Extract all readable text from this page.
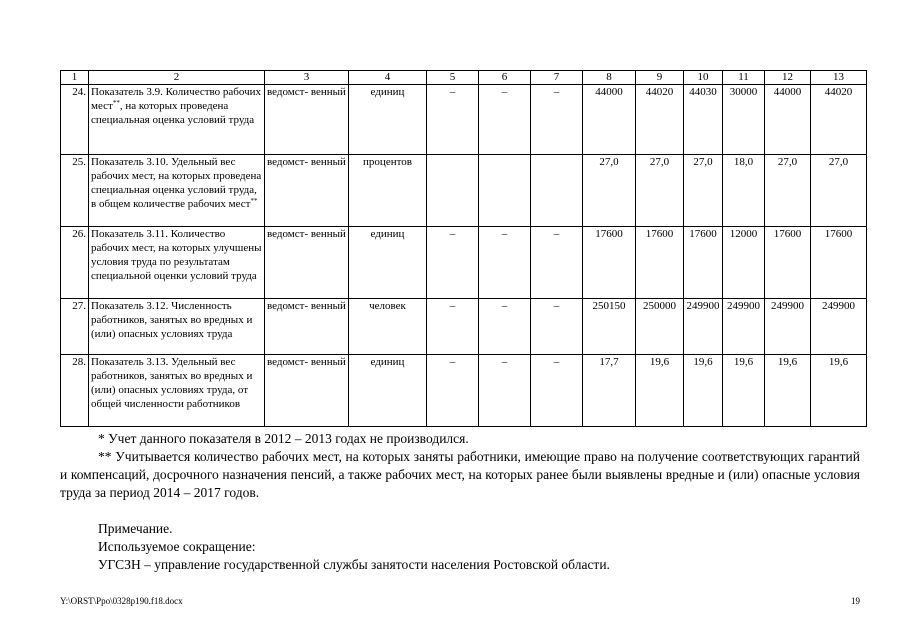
1	2	3	4	5	6	7	8	9	10	11	12	13
24.	Показатель 3.9. Количество рабочих мест**, на которых проведена специальная оценка условий труда	ведомст- венный	единиц	–	–	–	44000	44020	44030	30000	44000	44020
25.	Показатель 3.10. Удельный вес рабочих мест, на которых проведена специальная оценка условий труда, в общем количестве рабочих мест**	ведомст- венный	процентов				27,0	27,0	27,0	18,0	27,0	27,0
26.	Показатель 3.11. Количество рабочих мест, на которых улучшены условия труда по результатам специальной оценки условий труда	ведомст- венный	единиц	–	–	–	17600	17600	17600	12000	17600	17600
27.	Показатель 3.12. Численность работников, занятых во вредных и (или) опасных условиях труда	ведомст- венный	человек	–	–	–	250150	250000	249900	249900	249900	249900
28.	Показатель 3.13. Удельный вес работников, занятых во вредных и (или) опасных условиях труда, от общей численности работников	ведомст- венный	единиц	–	–	–	17,7	19,6	19,6	19,6	19,6	19,6

* Учет данного показателя в 2012 – 2013 годах не производился.

** Учитывается количество рабочих мест, на которых заняты работники, имеющие право на получение соответствующих гарантий и компенсаций, досрочного назначения пенсий, а также рабочих мест, на которых ранее были выявлены вредные и (или) опасные условия труда за период 2014 – 2017 годов.

Примечание.

Используемое сокращение:

УГСЗН – управление государственной службы занятости населения Ростовской области.

Y:\ORST\Ppo\0328p190.f18.docx	19
